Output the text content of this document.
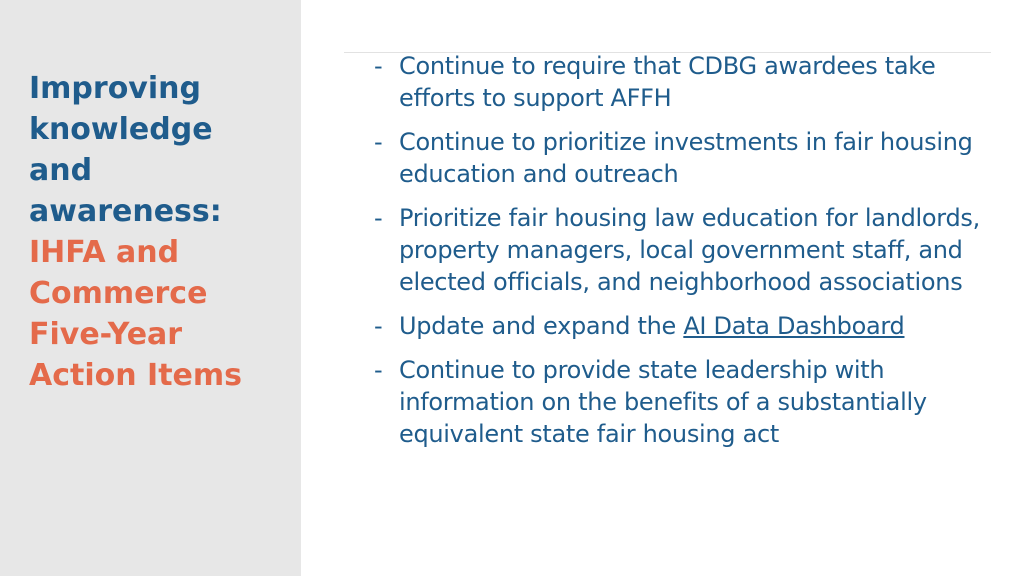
Improving
knowledge
and
awareness:
IHFA and
Commerce
Five-Year
Action Items
- Continue to require that CDBG awardees take efforts to support AFFH
- Continue to prioritize investments in fair housing education and outreach
- Prioritize fair housing law education for landlords, property managers, local government staff, and elected officials, and neighborhood associations
- Update and expand the AI Data Dashboard
- Continue to provide state leadership with information on the benefits of a substantially equivalent state fair housing act
